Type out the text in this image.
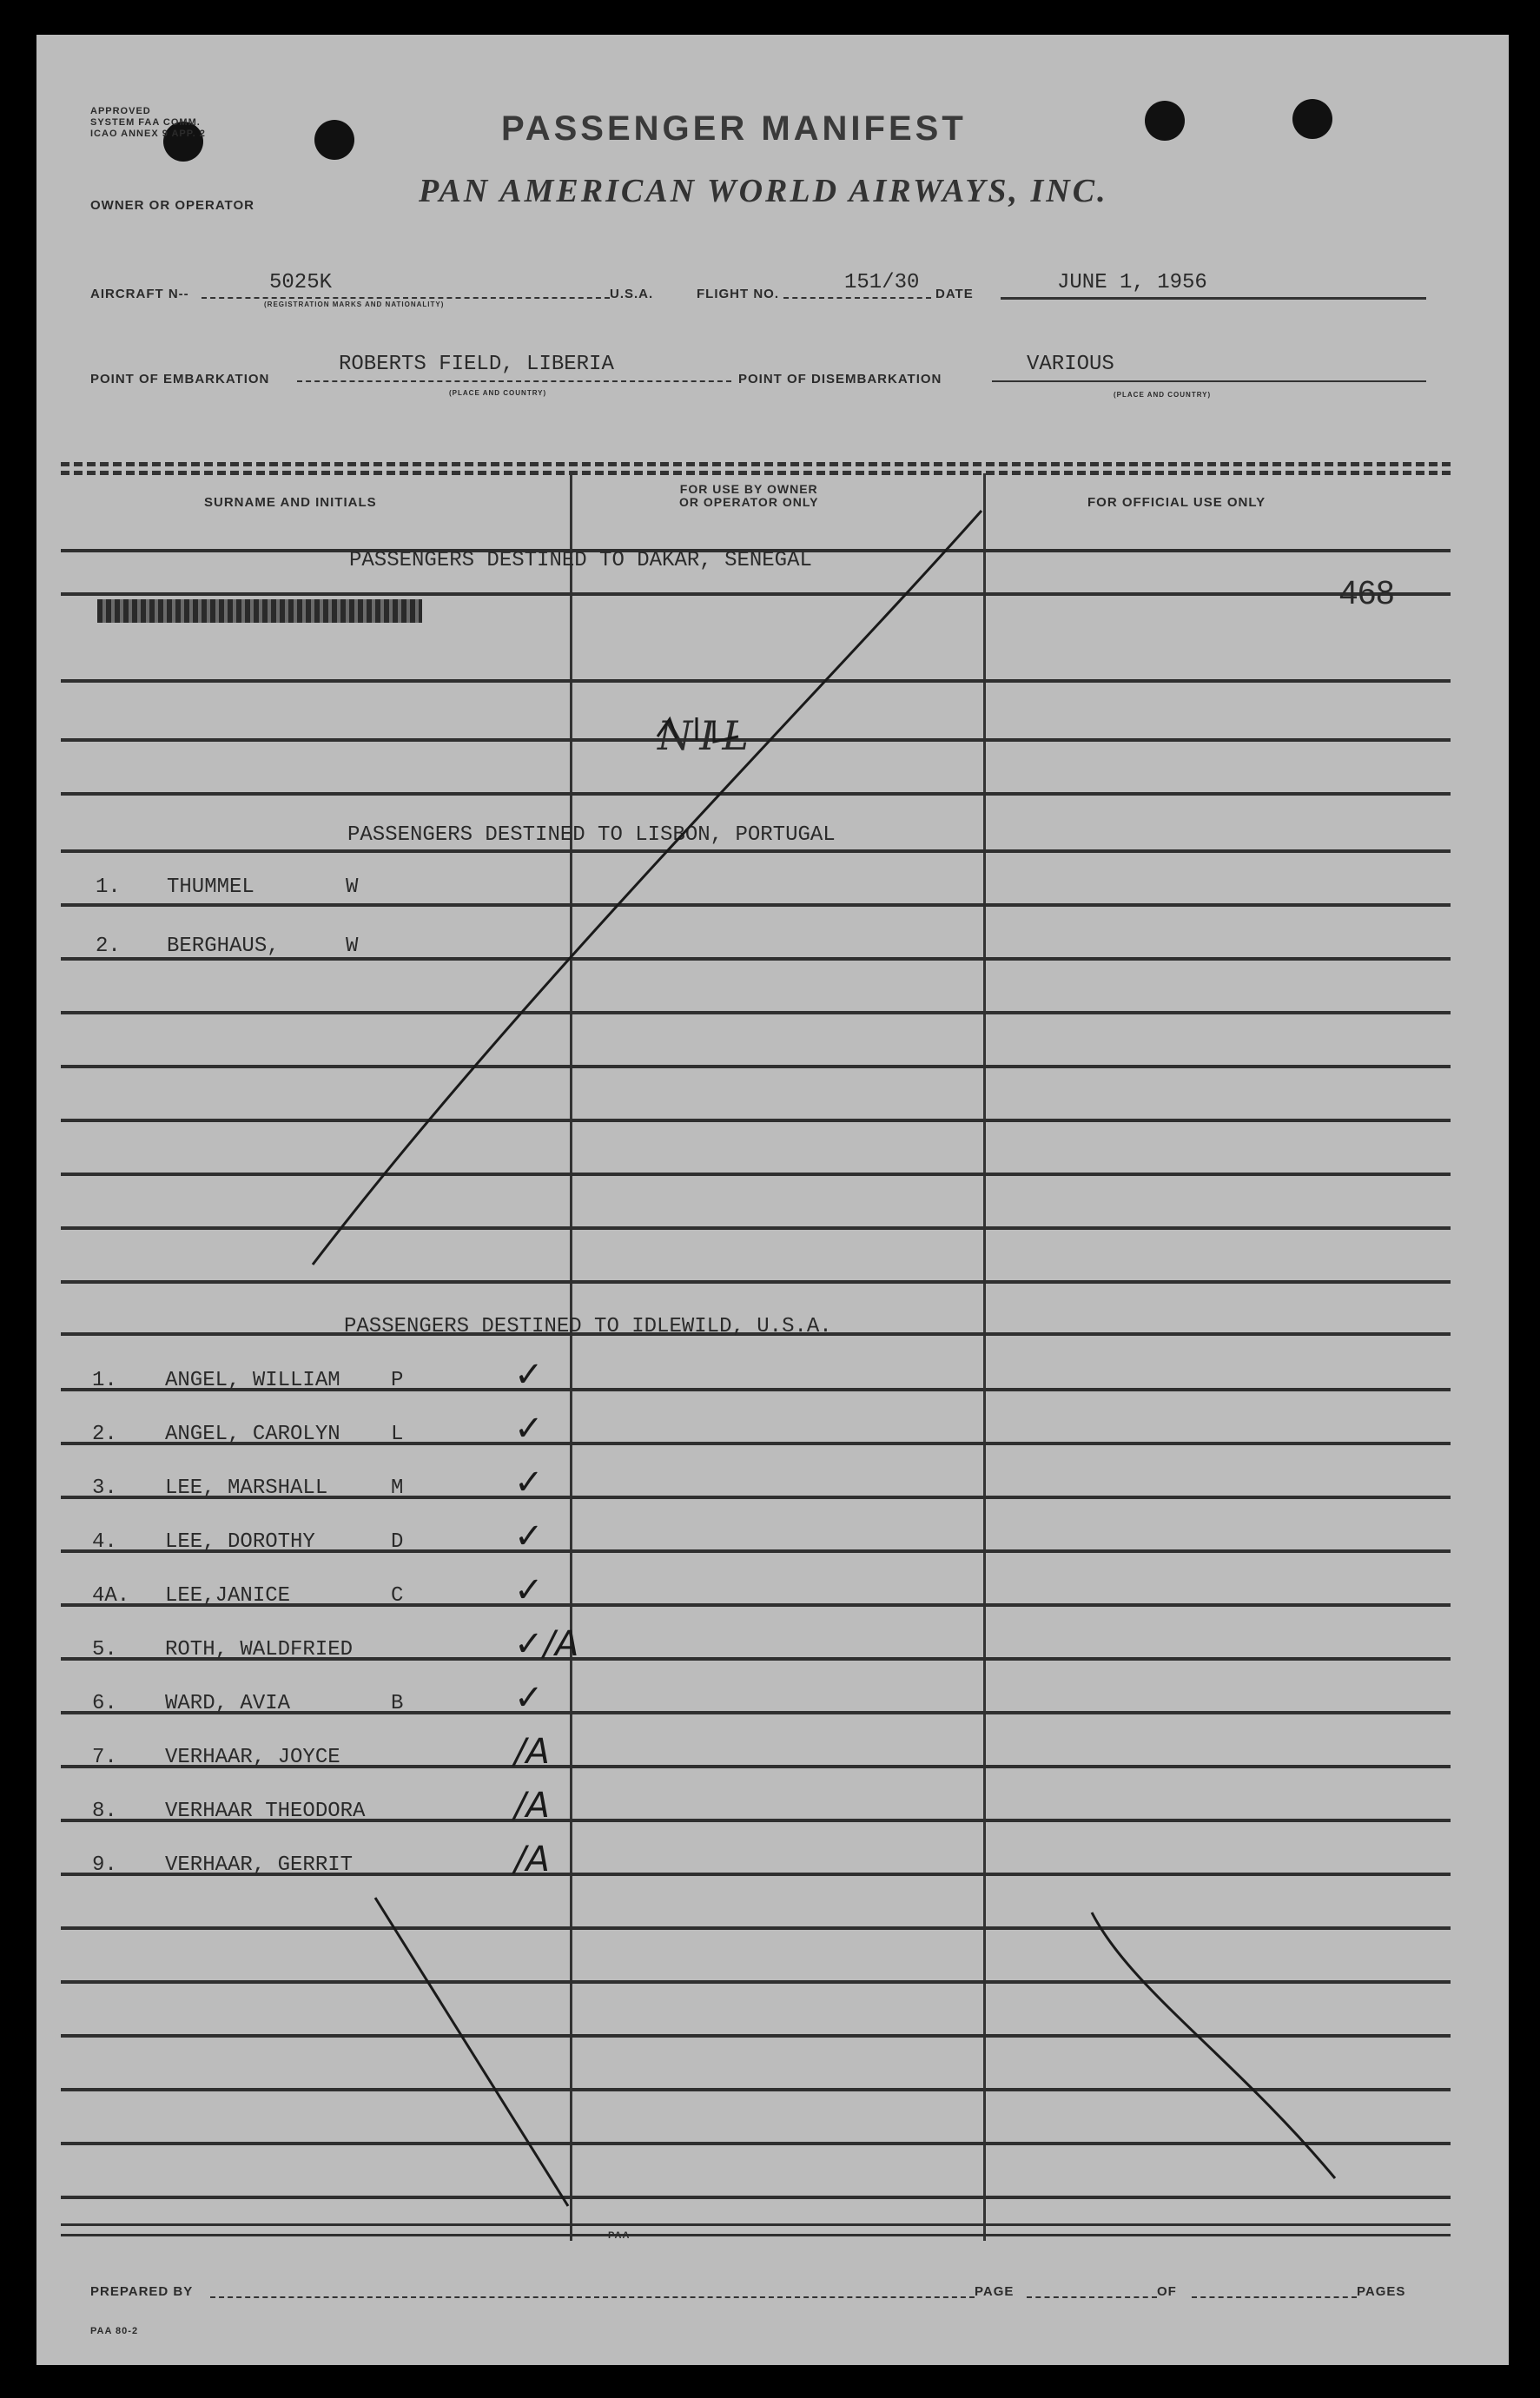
APPROVED
SYSTEM FAA COMM.
ICAO ANNEX 9 APP. 2	PASSENGER MANIFEST
OWNER OR OPERATOR	PAN AMERICAN WORLD AIRWAYS, INC.
AIRCRAFT N--	5025K
(REGISTRATION MARKS AND NATIONALITY)
U.S.A.	FLIGHT NO.	151/30 DATE	JUNE 1, 1956
POINT OF EMBARKATION
ROBERTS FIELD, LIBERIA
(PLACE AND COUNTRY)
POINT OF DISEMBARKATION
VARIOUS
(PLACE AND COUNTRY)
SURNAME AND INITIALS
FOR USE BY OWNER
OR OPERATOR ONLY	FOR OFFICIAL USE ONLY
468
PASSENGERS DESTINED TO DAKAR, SENEGAL
NIL
PASSENGERS DESTINED TO LISBON, PORTUGAL
1. THUMMEL	W
2. BERGHAUS,	W
PASSENGERS DESTINED TO IDLEWILD, U.S.A.
1. ANGEL, WILLIAM P	✓
2. ANGEL, CAROLYN L	✓
3. LEE, MARSHALL	M	✓
4. LEE, DOROTHY	D	✓
4A. LEE,JANICE	C	✓
5. ROTH, WALDFRIED	✓/A
6. WARD, AVIA	B	✓
7. VERHAAR, JOYCE	/A
8. VERHAAR THEODORA	/A
9. VERHAAR, GERRIT	/A
PREPARED BY	PAGE	OF	PAGES
PAA 80-2
PAA
